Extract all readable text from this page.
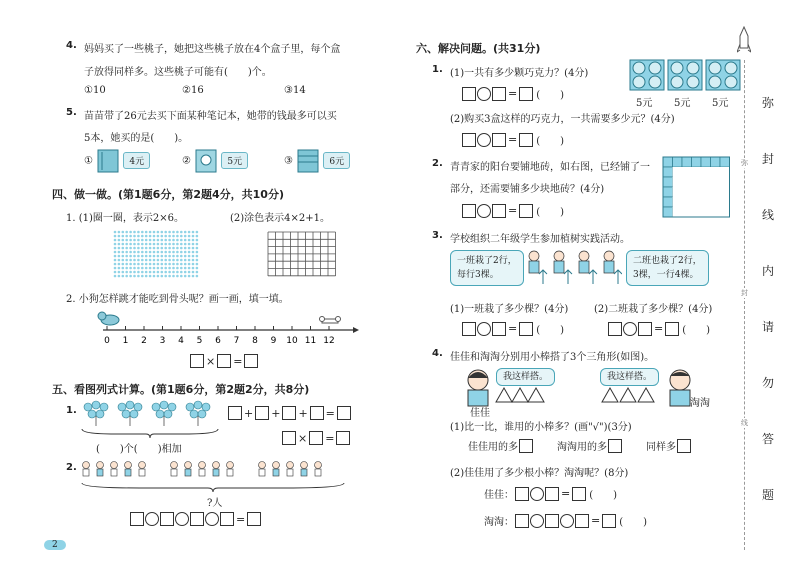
4. 妈妈买了一些桃子，她把这些桃子放在4个盒子里，每个盒
子放得同样多。这些桃子可能有(　　)个。
①10	②16	③14
5. 苗苗带了26元去买下面某种笔记本，她带的钱最多可以买
5本，她买的是(　　)。
①	4元	②	5元	③	6元
四、做一做。(第1题6分，第2题4分，共10分)
1. (1)圈一圈，表示2×6。	(2)涂色表示4×2+1。
2. 小狗怎样跳才能吃到骨头呢？画一画，填一填。
0 1 2 3 4 5 6 7 8 9 10 11 12
× =
五、看图列式计算。(第1题6分，第2题2分，共8分)
1.
(　　)个(　　)相加
+ + + =
× =
2.
?人
=
2
六、解决问题。(共31分)
1. (1)一共有多少颗巧克力？(4分)
5元 5元 5元
= (　　)
(2)购买3盒这样的巧克力，一共需要多少元？(4分)
= (　　)
2. 青青家的阳台要铺地砖，如右图，已经铺了一
部分，还需要铺多少块地砖？(4分)
= (　　)
3. 学校组织二年级学生参加植树实践活动。
一班栽了2行，
每行3棵。
二班也栽了2行，
3棵，一行4棵。
(1)一班栽了多少棵？(4分)	(2)二班栽了多少棵？(4分)
= (　　)	= (　　)
4. 佳佳和淘淘分别用小棒搭了3个三角形(如图)。
佳佳
我这样搭。	我这样搭。
淘淘
(1)比一比，谁用的小棒多？(画"√")(3分)
佳佳用的多	淘淘用的多	同样多
(2)佳佳用了多少根小棒？淘淘呢？(8分)
佳佳：	= (　　)
淘淘：	= (　　)
弥
封
线
内
请
勿
答
题
弥
封
线
